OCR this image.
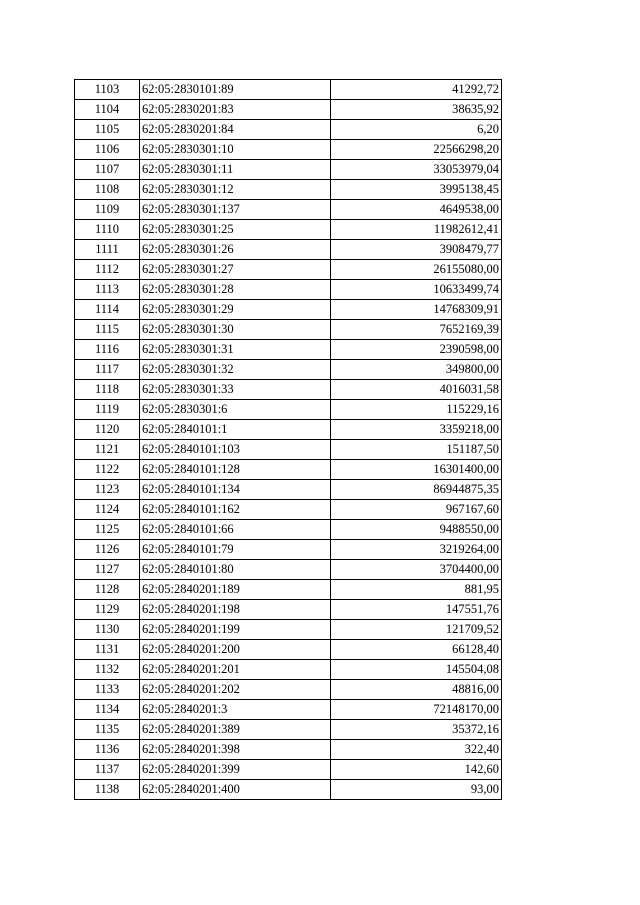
1103	62:05:2830101:89	41292,72
1104	62:05:2830201:83	38635,92
1105	62:05:2830201:84	6,20
1106	62:05:2830301:10	22566298,20
1107	62:05:2830301:11	33053979,04
1108	62:05:2830301:12	3995138,45
1109	62:05:2830301:137	4649538,00
1110	62:05:2830301:25	11982612,41
1111	62:05:2830301:26	3908479,77
1112	62:05:2830301:27	26155080,00
1113	62:05:2830301:28	10633499,74
1114	62:05:2830301:29	14768309,91
1115	62:05:2830301:30	7652169,39
1116	62:05:2830301:31	2390598,00
1117	62:05:2830301:32	349800,00
1118	62:05:2830301:33	4016031,58
1119	62:05:2830301:6	115229,16
1120	62:05:2840101:1	3359218,00
1121	62:05:2840101:103	151187,50
1122	62:05:2840101:128	16301400,00
1123	62:05:2840101:134	86944875,35
1124	62:05:2840101:162	967167,60
1125	62:05:2840101:66	9488550,00
1126	62:05:2840101:79	3219264,00
1127	62:05:2840101:80	3704400,00
1128	62:05:2840201:189	881,95
1129	62:05:2840201:198	147551,76
1130	62:05:2840201:199	121709,52
1131	62:05:2840201:200	66128,40
1132	62:05:2840201:201	145504,08
1133	62:05:2840201:202	48816,00
1134	62:05:2840201:3	72148170,00
1135	62:05:2840201:389	35372,16
1136	62:05:2840201:398	322,40
1137	62:05:2840201:399	142,60
1138	62:05:2840201:400	93,00
